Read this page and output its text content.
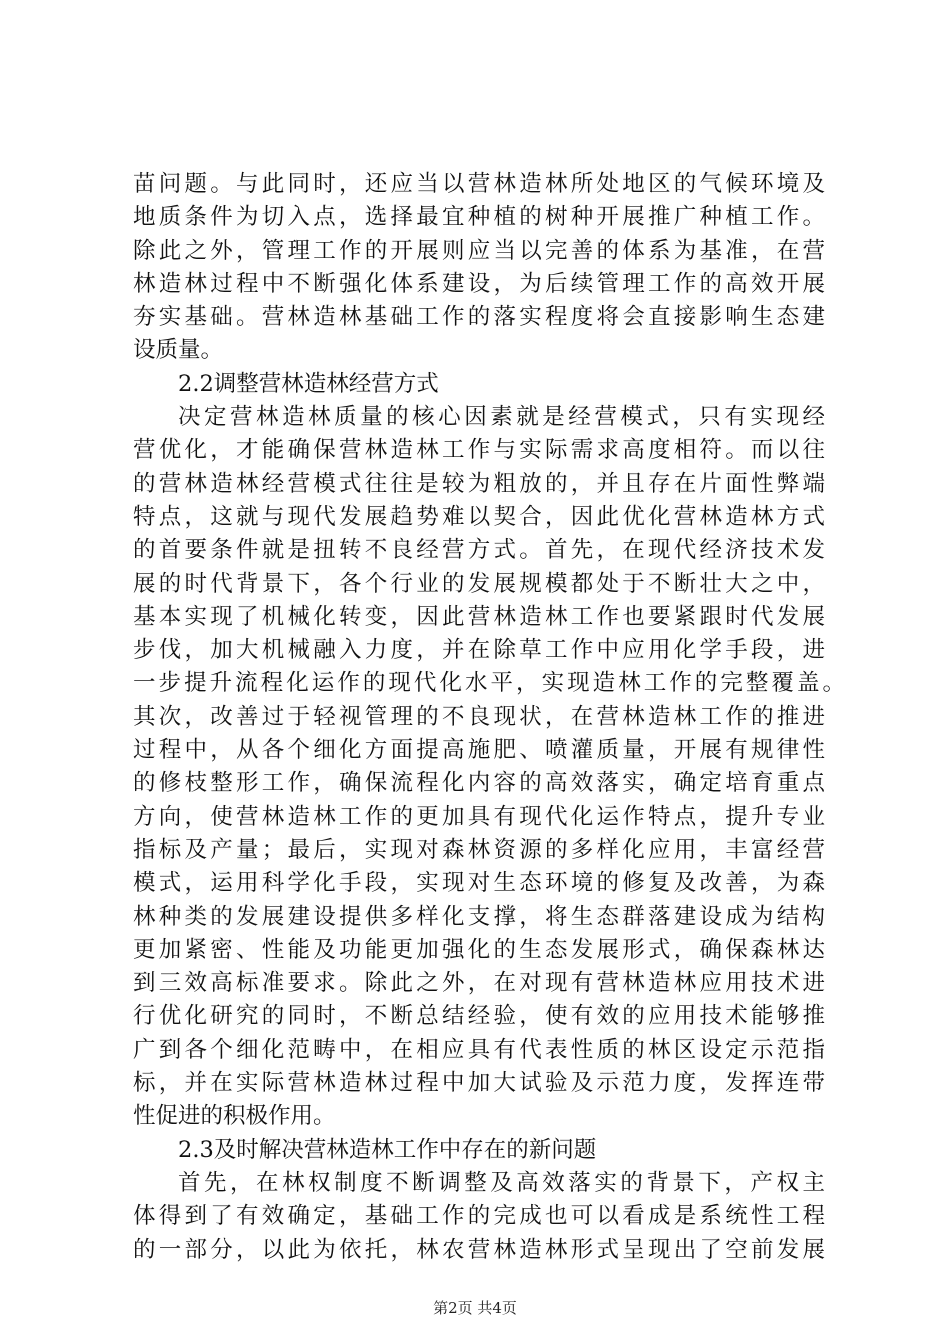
苗问题。与此同时，还应当以营林造林所处地区的气候环境及
地质条件为切入点，选择最宜种植的树种开展推广种植工作。
除此之外，管理工作的开展则应当以完善的体系为基准，在营
林造林过程中不断强化体系建设，为后续管理工作的高效开展
夯实基础。营林造林基础工作的落实程度将会直接影响生态建
设质量。
2.2调整营林造林经营方式
决定营林造林质量的核心因素就是经营模式，只有实现经
营优化，才能确保营林造林工作与实际需求高度相符。而以往
的营林造林经营模式往往是较为粗放的，并且存在片面性弊端
特点，这就与现代发展趋势难以契合，因此优化营林造林方式
的首要条件就是扭转不良经营方式。首先，在现代经济技术发
展的时代背景下，各个行业的发展规模都处于不断壮大之中，
基本实现了机械化转变，因此营林造林工作也要紧跟时代发展
步伐，加大机械融入力度，并在除草工作中应用化学手段，进
一步提升流程化运作的现代化水平，实现造林工作的完整覆盖。
其次，改善过于轻视管理的不良现状，在营林造林工作的推进
过程中，从各个细化方面提高施肥、喷灌质量，开展有规律性
的修枝整形工作，确保流程化内容的高效落实，确定培育重点
方向，使营林造林工作的更加具有现代化运作特点，提升专业
指标及产量；最后，实现对森林资源的多样化应用，丰富经营
模式，运用科学化手段，实现对生态环境的修复及改善，为森
林种类的发展建设提供多样化支撑，将生态群落建设成为结构
更加紧密、性能及功能更加强化的生态发展形式，确保森林达
到三效高标准要求。除此之外，在对现有营林造林应用技术进
行优化研究的同时，不断总结经验，使有效的应用技术能够推
广到各个细化范畴中，在相应具有代表性质的林区设定示范指
标，并在实际营林造林过程中加大试验及示范力度，发挥连带
性促进的积极作用。
2.3及时解决营林造林工作中存在的新问题
首先，在林权制度不断调整及高效落实的背景下，产权主
体得到了有效确定，基础工作的完成也可以看成是系统性工程
的一部分，以此为依托，林农营林造林形式呈现出了空前发展
第2页 共4页
